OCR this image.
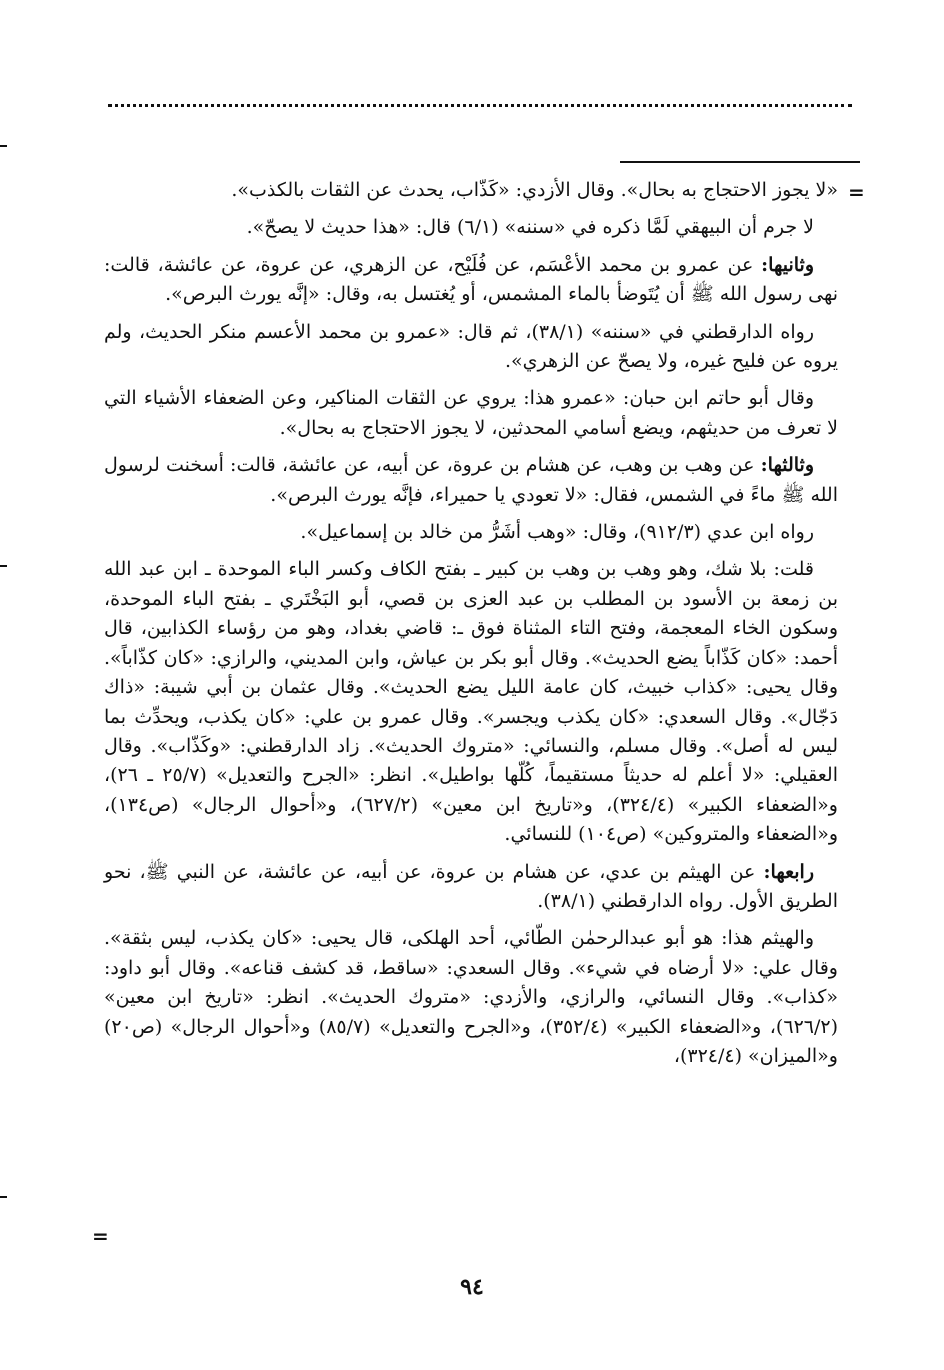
=
=

«لا يجوز الاحتجاج به بحال». وقال الأزدي: «كَذّاب، يحدث عن الثقات بالكذب».

لا جرم أن البيهقي لَمَّا ذكره في «سننه» (٦/١) قال: «هذا حديث لا يصحّ».

وثانيها: عن عمرو بن محمد الأعْسَم، عن فُلَيْح، عن الزهري، عن عروة، عن عائشة، قالت: نهى رسول الله ﷺ أن يُتَوضأ بالماء المشمس، أو يُغتسل به، وقال: «إنَّه يورث البرص».

رواه الدارقطني في «سننه» (٣٨/١)، ثم قال: «عمرو بن محمد الأعسم منكر الحديث، ولم يروه عن فليح غيره، ولا يصحّ عن الزهري».

وقال أبو حاتم ابن حبان: «عمرو هذا: يروي عن الثقات المناكير، وعن الضعفاء الأشياء التي لا تعرف من حديثهم، ويضع أسامي المحدثين، لا يجوز الاحتجاج به بحال».

وثالثها: عن وهب بن وهب، عن هشام بن عروة، عن أبيه، عن عائشة، قالت: أسخنت لرسول الله ﷺ ماءً في الشمس، فقال: «لا تعودي يا حميراء، فإنَّه يورث البرص».

رواه ابن عدي (٩١٢/٣)، وقال: «وهب أشَرُّ من خالد بن إسماعيل».

قلت: بلا شك، وهو وهب بن وهب بن كبير ـ بفتح الكاف وكسر الباء الموحدة ـ ابن عبد الله بن زمعة بن الأسود بن المطلب بن عبد العزى بن قصي، أبو البَخْتَري ـ بفتح الباء الموحدة، وسكون الخاء المعجمة، وفتح التاء المثناة فوق ـ: قاضي بغداد، وهو من رؤساء الكذابين، قال أحمد: «كان كَذّاباً يضع الحديث». وقال أبو بكر بن عياش، وابن المديني، والرازي: «كان كذّاباً». وقال يحيى: «كذاب خبيث، كان عامة الليل يضع الحديث». وقال عثمان بن أبي شيبة: «ذاك دَجّال». وقال السعدي: «كان يكذب ويجسر». وقال عمرو بن علي: «كان يكذب، ويحدِّث بما ليس له أصل». وقال مسلم، والنسائي: «متروك الحديث». زاد الدارقطني: «وكَذّاب». وقال العقيلي: «لا أعلم له حديثاً مستقيماً، كُلّها بواطيل». انظر: «الجرح والتعديل» (٢٥/٧ ـ ٢٦)، و«الضعفاء الكبير» (٣٢٤/٤)، و«تاريخ ابن معين» (٦٢٧/٢)، و«أحوال الرجال» (ص١٣٤)، و«الضعفاء والمتروكين» (ص١٠٤) للنسائي.

رابعها: عن الهيثم بن عدي، عن هشام بن عروة، عن أبيه، عن عائشة، عن النبي ﷺ، نحو الطريق الأول. رواه الدارقطني (٣٨/١).

والهيثم هذا: هو أبو عبدالرحمٰن الطّائي، أحد الهلكى، قال يحيى: «كان يكذب، ليس بثقة». وقال علي: «لا أرضاه في شيء». وقال السعدي: «ساقط، قد كشف قناعه». وقال أبو داود: «كذاب». وقال النسائي، والرازي، والأزدي: «متروك الحديث». انظر: «تاريخ ابن معين» (٦٢٦/٢)، و«الضعفاء الكبير» (٣٥٢/٤)، و«الجرح والتعديل» (٨٥/٧) و«أحوال الرجال» (ص٢٠) و«الميزان» (٣٢٤/٤)،

٩٤
